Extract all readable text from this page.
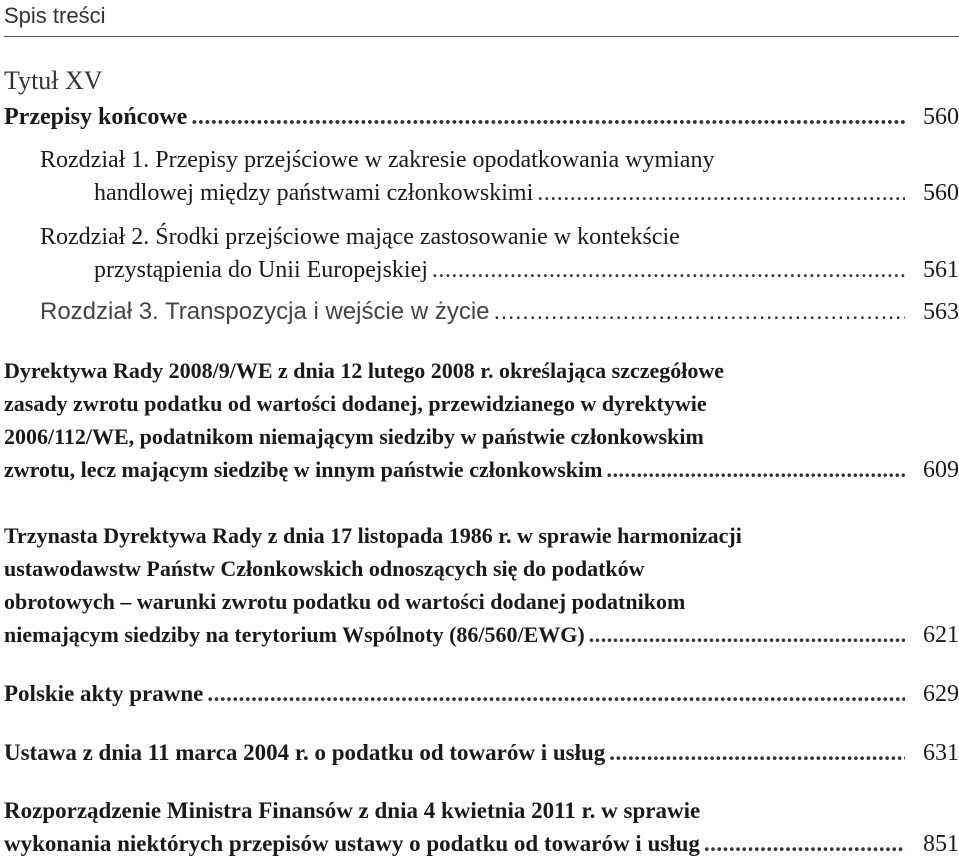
Spis treści
Tytuł XV
Przepisy końcowe .....	560
Rozdział 1. Przepisy przejściowe w zakresie opodatkowania wymiany
handlowej między państwami członkowskimi .....	560
Rozdział 2. Środki przejściowe mające zastosowanie w kontekście
przystąpienia do Unii Europejskiej .....	561
Rozdział 3. Transpozycja i wejście w życie .....	563
Dyrektywa Rady 2008/9/WE z dnia 12 lutego 2008 r. określająca szczegółowe
zasady zwrotu podatku od wartości dodanej, przewidzianego w dyrektywie
2006/112/WE, podatnikom niemającym siedziby w państwie członkowskim
zwrotu, lecz mającym siedzibę w innym państwie członkowskim .....	609
Trzynasta Dyrektywa Rady z dnia 17 listopada 1986 r. w sprawie harmonizacji
ustawodawstw Państw Członkowskich odnoszących się do podatków
obrotowych – warunki zwrotu podatku od wartości dodanej podatnikom
niemającym siedziby na terytorium Wspólnoty (86/560/EWG) .....	621
Polskie akty prawne .....	629
Ustawa z dnia 11 marca 2004 r. o podatku od towarów i usług .....	631
Rozporządzenie Ministra Finansów z dnia 4 kwietnia 2011 r. w sprawie
wykonania niektórych przepisów ustawy o podatku od towarów i usług .....	851
